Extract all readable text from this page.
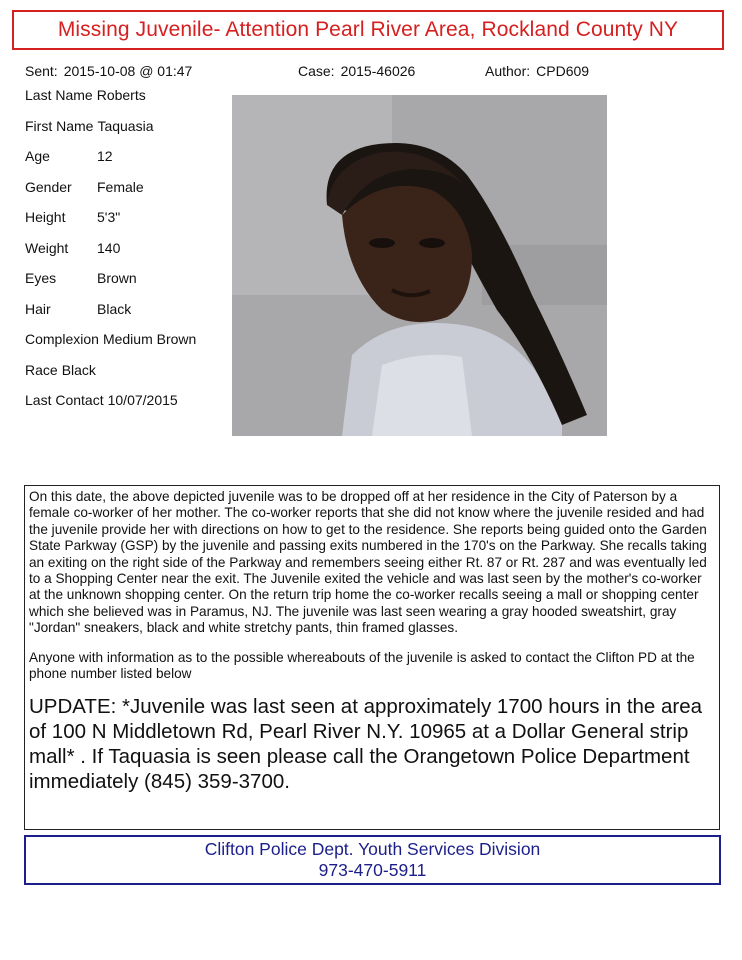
Missing Juvenile- Attention Pearl River Area, Rockland County NY
Sent: 2015-10-08 @ 01:47	Case: 2015-46026	Author: CPD609
Last Name Roberts
First Name Taquasia
Age	12
Gender Female
Height 5'3"
Weight 140
Eyes	Brown
Hair	Black
Complexion Medium Brown
Race Black
Last Contact 10/07/2015

On this date, the above depicted juvenile was to be dropped off at her residence in the City of Paterson by a female co-worker of her mother. The co-worker reports that she did not know where the juvenile resided and had the juvenile provide her with directions on how to get to the residence. She reports being guided onto the Garden State Parkway (GSP) by the juvenile and passing exits numbered in the 170's on the Parkway. She recalls taking an exiting on the right side of the Parkway and remembers seeing either Rt. 87 or Rt. 287 and was eventually led to a Shopping Center near the exit. The Juvenile exited the vehicle and was last seen by the mother's co-worker at the unknown shopping center. On the return trip home the co-worker recalls seeing a mall or shopping center which she believed was in Paramus, NJ. The juvenile was last seen wearing a gray hooded sweatshirt, gray "Jordan" sneakers, black and white stretchy pants, thin framed glasses.

Anyone with information as to the possible whereabouts of the juvenile is asked to contact the Clifton PD at the phone number listed below

UPDATE: *Juvenile was last seen at approximately 1700 hours in the area of 100 N Middletown Rd, Pearl River N.Y. 10965 at a Dollar General strip mall* . If Taquasia is seen please call the Orangetown Police Department immediately (845) 359-3700.

Clifton Police Dept. Youth Services Division
973-470-5911
